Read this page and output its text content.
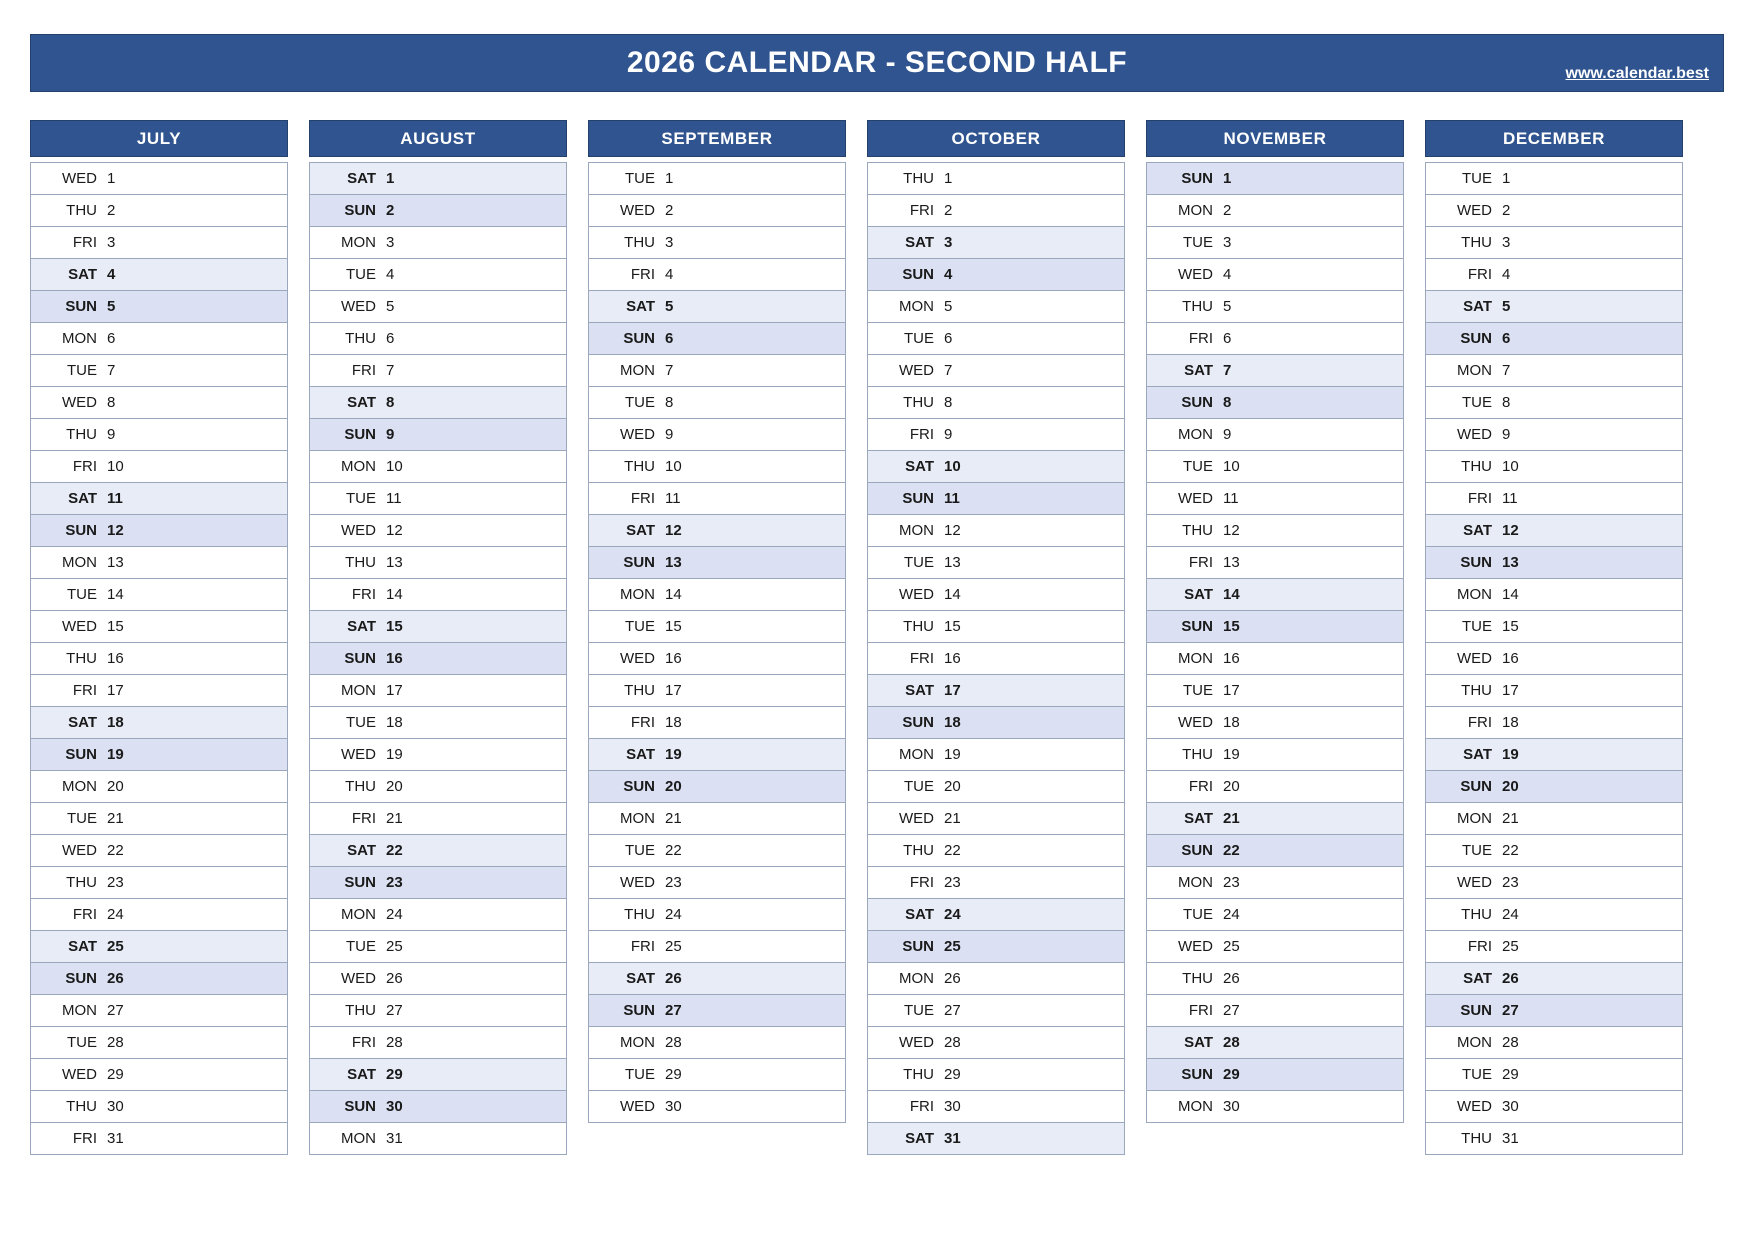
2026 CALENDAR - SECOND HALF	www.calendar.best
JULY
WED 1
THU 2
FRI 3
SAT 4
SUN 5
MON 6
TUE 7
WED 8
THU 9
FRI 10
SAT 11
SUN 12
MON 13
TUE 14
WED 15
THU 16
FRI 17
SAT 18
SUN 19
MON 20
TUE 21
WED 22
THU 23
FRI 24
SAT 25
SUN 26
MON 27
TUE 28
WED 29
THU 30
FRI 31
AUGUST
SAT 1
SUN 2
MON 3
TUE 4
WED 5
THU 6
FRI 7
SAT 8
SUN 9
MON 10
TUE 11
WED 12
THU 13
FRI 14
SAT 15
SUN 16
MON 17
TUE 18
WED 19
THU 20
FRI 21
SAT 22
SUN 23
MON 24
TUE 25
WED 26
THU 27
FRI 28
SAT 29
SUN 30
MON 31
SEPTEMBER
TUE 1
WED 2
THU 3
FRI 4
SAT 5
SUN 6
MON 7
TUE 8
WED 9
THU 10
FRI 11
SAT 12
SUN 13
MON 14
TUE 15
WED 16
THU 17
FRI 18
SAT 19
SUN 20
MON 21
TUE 22
WED 23
THU 24
FRI 25
SAT 26
SUN 27
MON 28
TUE 29
WED 30
OCTOBER
THU 1
FRI 2
SAT 3
SUN 4
MON 5
TUE 6
WED 7
THU 8
FRI 9
SAT 10
SUN 11
MON 12
TUE 13
WED 14
THU 15
FRI 16
SAT 17
SUN 18
MON 19
TUE 20
WED 21
THU 22
FRI 23
SAT 24
SUN 25
MON 26
TUE 27
WED 28
THU 29
FRI 30
SAT 31
NOVEMBER
SUN 1
MON 2
TUE 3
WED 4
THU 5
FRI 6
SAT 7
SUN 8
MON 9
TUE 10
WED 11
THU 12
FRI 13
SAT 14
SUN 15
MON 16
TUE 17
WED 18
THU 19
FRI 20
SAT 21
SUN 22
MON 23
TUE 24
WED 25
THU 26
FRI 27
SAT 28
SUN 29
MON 30
DECEMBER
TUE 1
WED 2
THU 3
FRI 4
SAT 5
SUN 6
MON 7
TUE 8
WED 9
THU 10
FRI 11
SAT 12
SUN 13
MON 14
TUE 15
WED 16
THU 17
FRI 18
SAT 19
SUN 20
MON 21
TUE 22
WED 23
THU 24
FRI 25
SAT 26
SUN 27
MON 28
TUE 29
WED 30
THU 31
